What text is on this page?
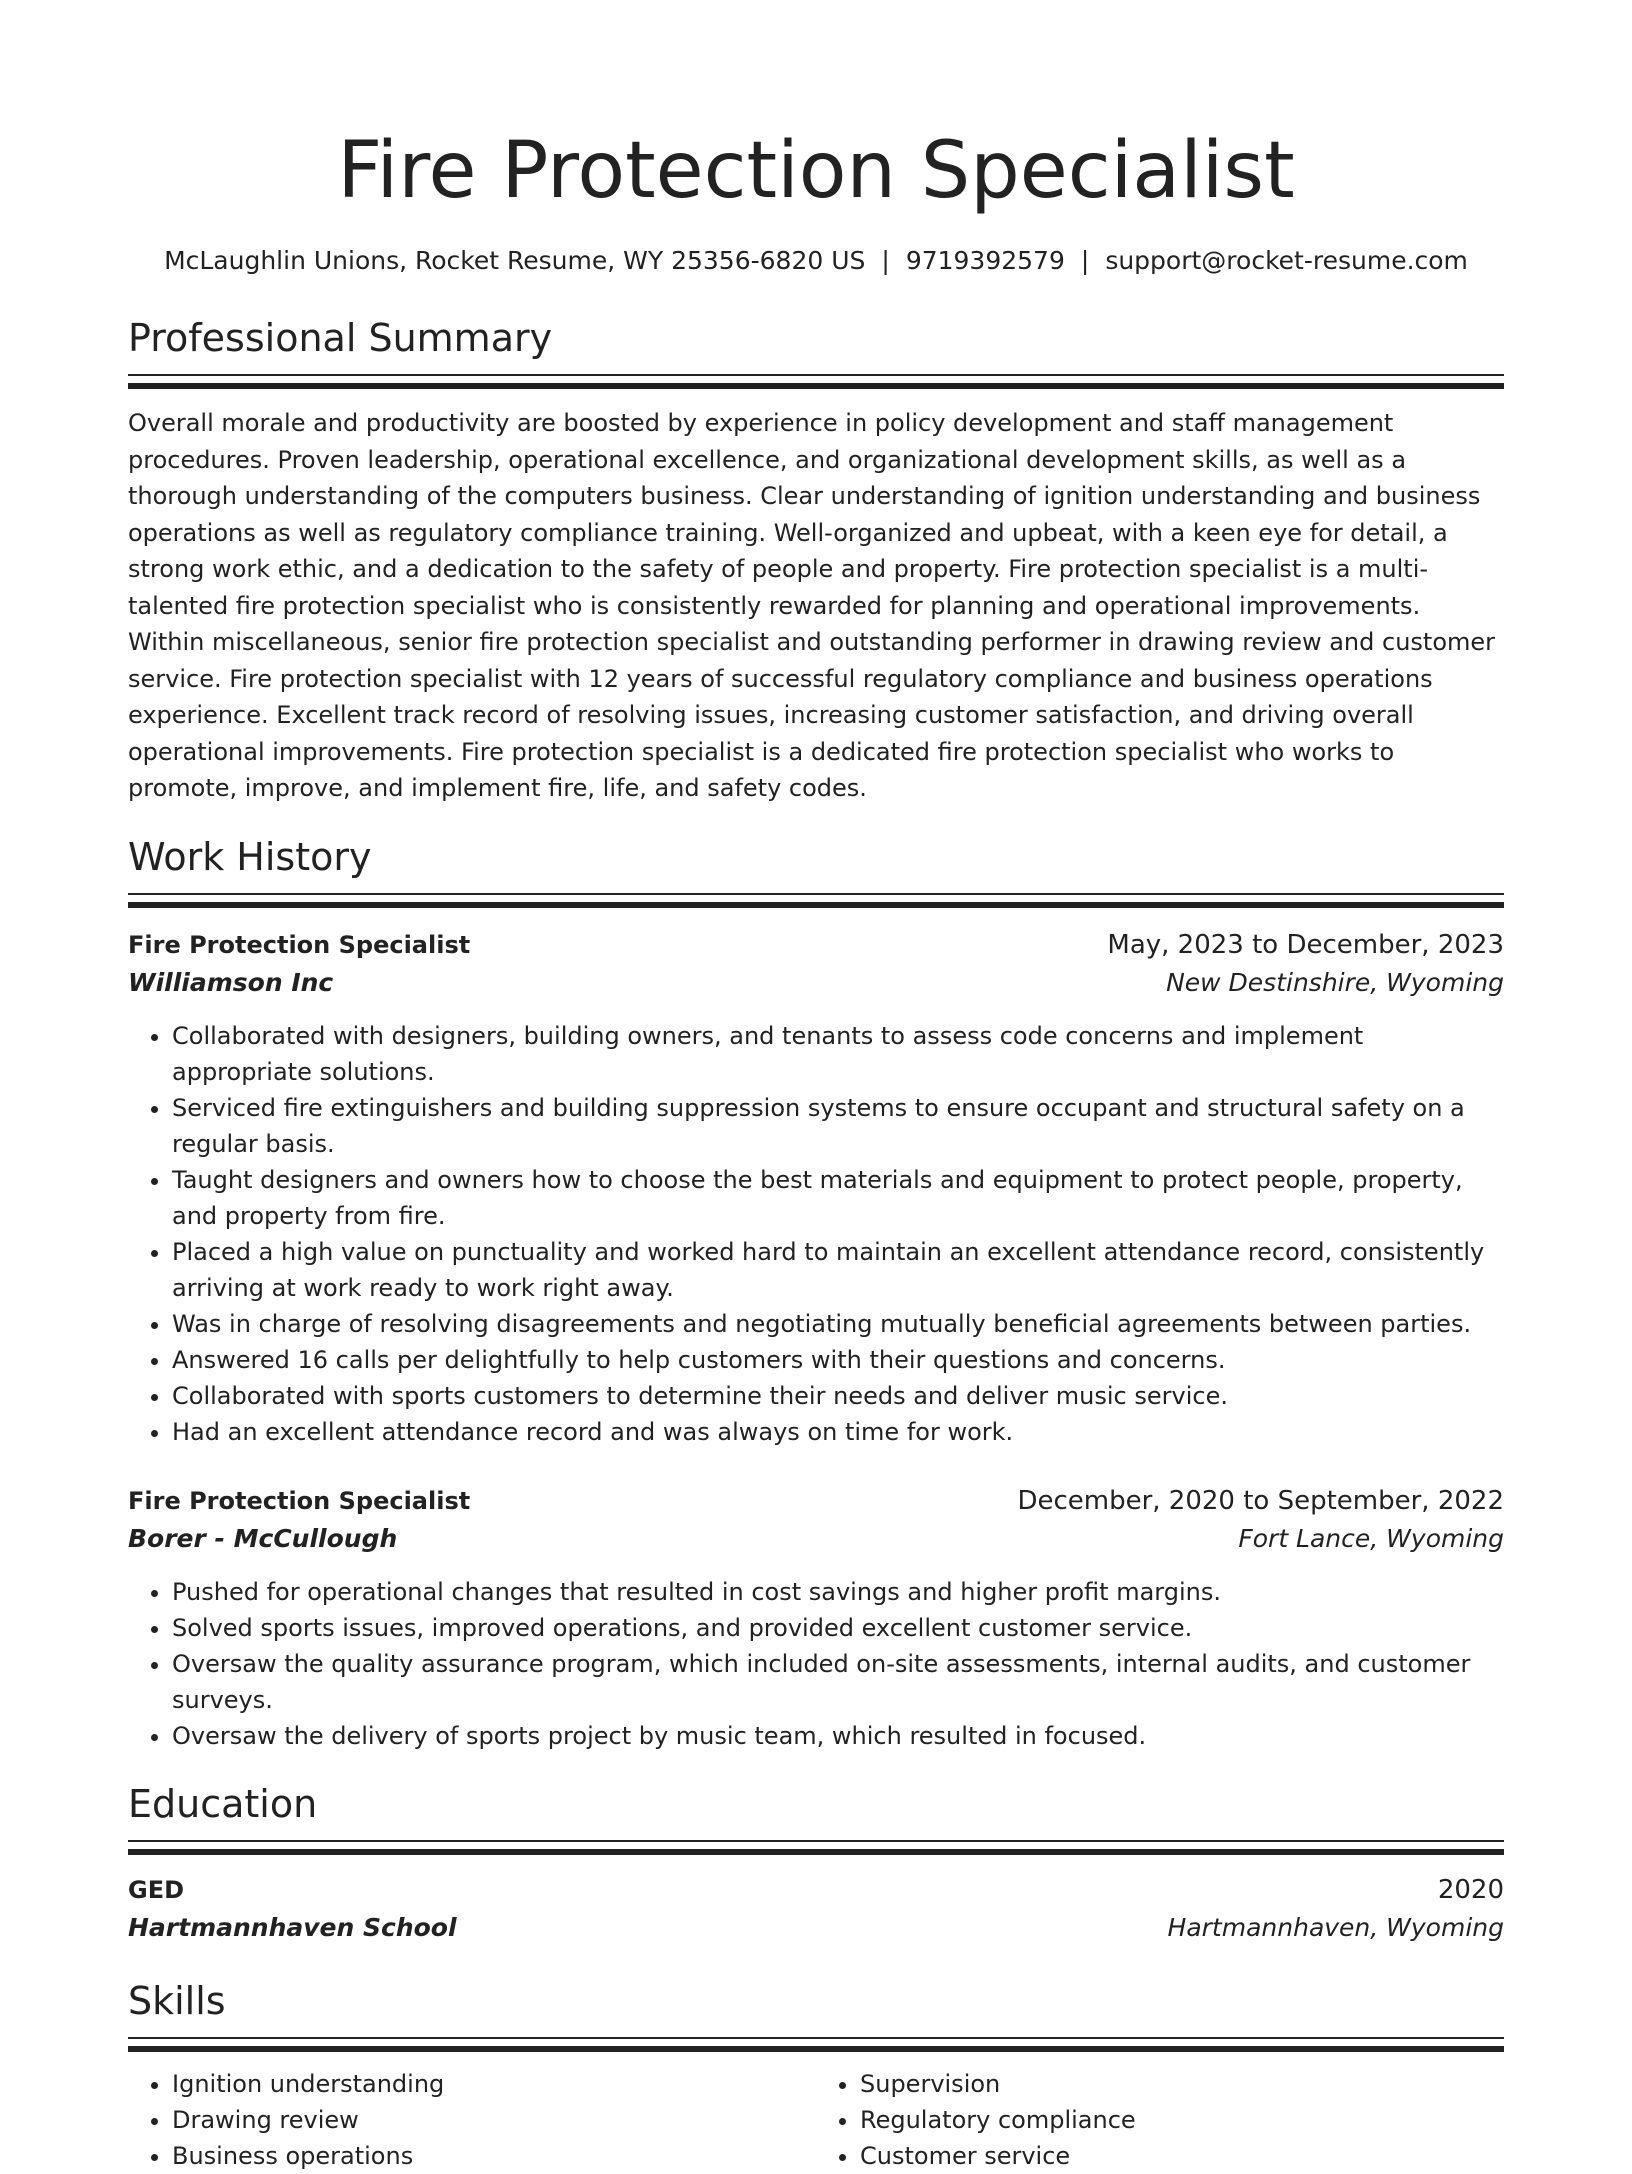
Fire Protection Specialist
McLaughlin Unions, Rocket Resume, WY 25356-6820 US | 9719392579 | support@rocket-resume.com
Professional Summary

Overall morale and productivity are boosted by experience in policy development and staff management procedures. Proven leadership, operational excellence, and organizational development skills, as well as a thorough understanding of the computers business. Clear understanding of ignition understanding and business operations as well as regulatory compliance training. Well-organized and upbeat, with a keen eye for detail, a strong work ethic, and a dedication to the safety of people and property. Fire protection specialist is a multi-talented fire protection specialist who is consistently rewarded for planning and operational improvements. Within miscellaneous, senior fire protection specialist and outstanding performer in drawing review and customer service. Fire protection specialist with 12 years of successful regulatory compliance and business operations experience. Excellent track record of resolving issues, increasing customer satisfaction, and driving overall operational improvements. Fire protection specialist is a dedicated fire protection specialist who works to promote, improve, and implement fire, life, and safety codes.

Work History
Fire Protection Specialist	May, 2023 to December, 2023
Williamson Inc	New Destinshire, Wyoming
• Collaborated with designers, building owners, and tenants to assess code concerns and implement appropriate solutions.
• Serviced fire extinguishers and building suppression systems to ensure occupant and structural safety on a regular basis.
• Taught designers and owners how to choose the best materials and equipment to protect people, property, and property from fire.
• Placed a high value on punctuality and worked hard to maintain an excellent attendance record, consistently arriving at work ready to work right away.
• Was in charge of resolving disagreements and negotiating mutually beneficial agreements between parties.
• Answered 16 calls per delightfully to help customers with their questions and concerns.
• Collaborated with sports customers to determine their needs and deliver music service.
• Had an excellent attendance record and was always on time for work.
Fire Protection Specialist	December, 2020 to September, 2022
Borer - McCullough	Fort Lance, Wyoming
• Pushed for operational changes that resulted in cost savings and higher profit margins.
• Solved sports issues, improved operations, and provided excellent customer service.
• Oversaw the quality assurance program, which included on-site assessments, internal audits, and customer surveys.
• Oversaw the delivery of sports project by music team, which resulted in focused.
Education
GED	2020
Hartmannhaven School	Hartmannhaven, Wyoming
Skills
• Ignition understanding
• Drawing review
• Business operations
• Supervision
• Regulatory compliance
• Customer service
